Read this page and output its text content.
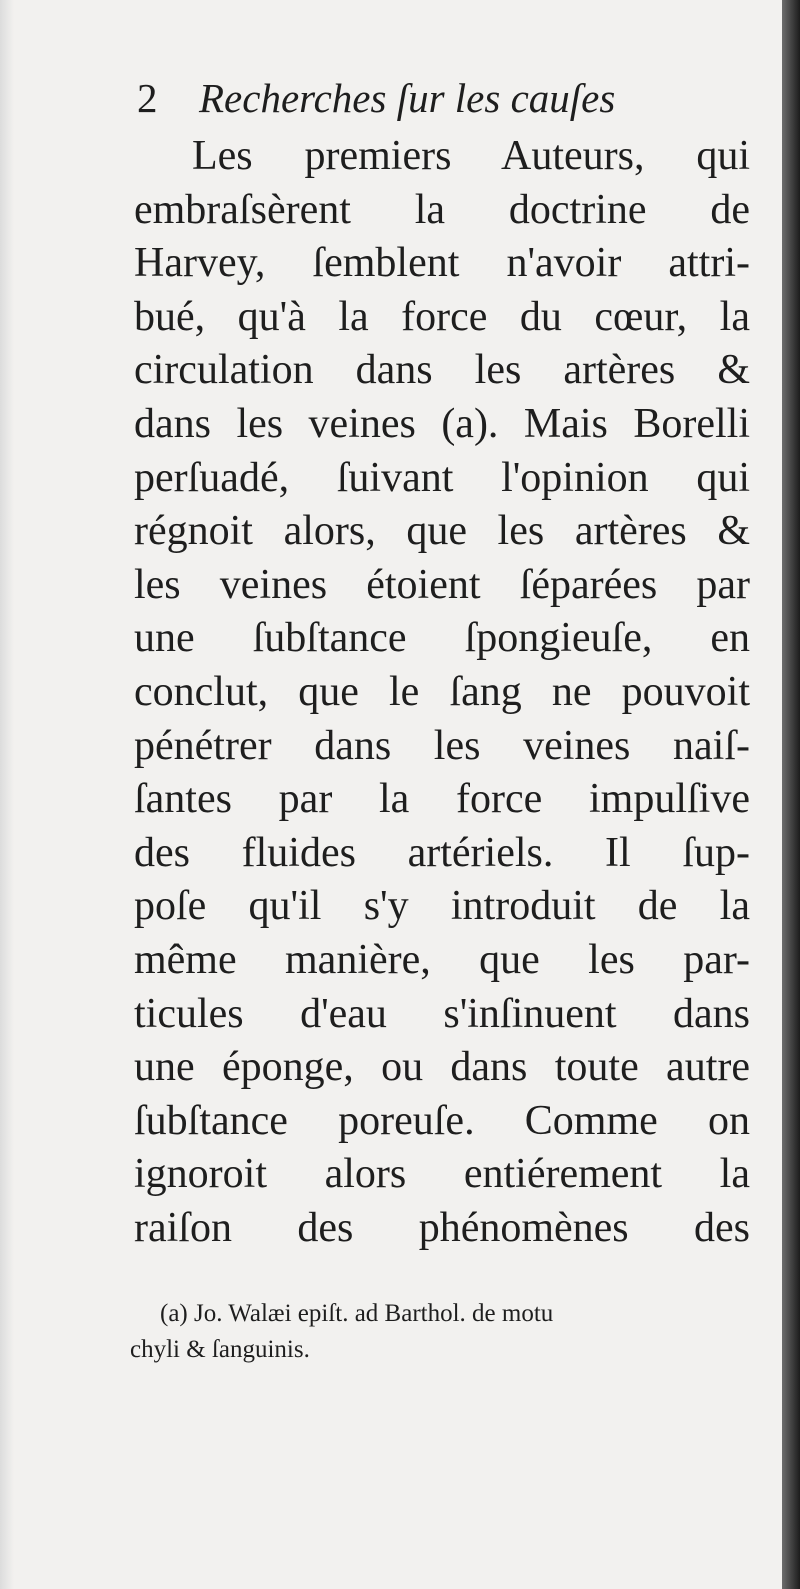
2 Recherches ſur les cauſes
Les premiers Auteurs, qui
embraſsèrent la doctrine de
Harvey, ſemblent n'avoir attri-
bué, qu'à la force du cœur, la
circulation dans les artères &
dans les veines (a). Mais Borelli
perſuadé, ſuivant l'opinion qui
régnoit alors, que les artères &
les veines étoient ſéparées par
une ſubſtance ſpongieuſe, en
conclut, que le ſang ne pouvoit
pénétrer dans les veines naiſ-
ſantes par la force impulſive
des fluides artériels. Il ſup-
poſe qu'il s'y introduit de la
même manière, que les par-
ticules d'eau s'inſinuent dans
une éponge, ou dans toute autre
ſubſtance poreuſe. Comme on
ignoroit alors entiérement la
raiſon des phénomènes des
(a) Jo. Walæi epiſt. ad Barthol. de motu
chyli & ſanguinis.
